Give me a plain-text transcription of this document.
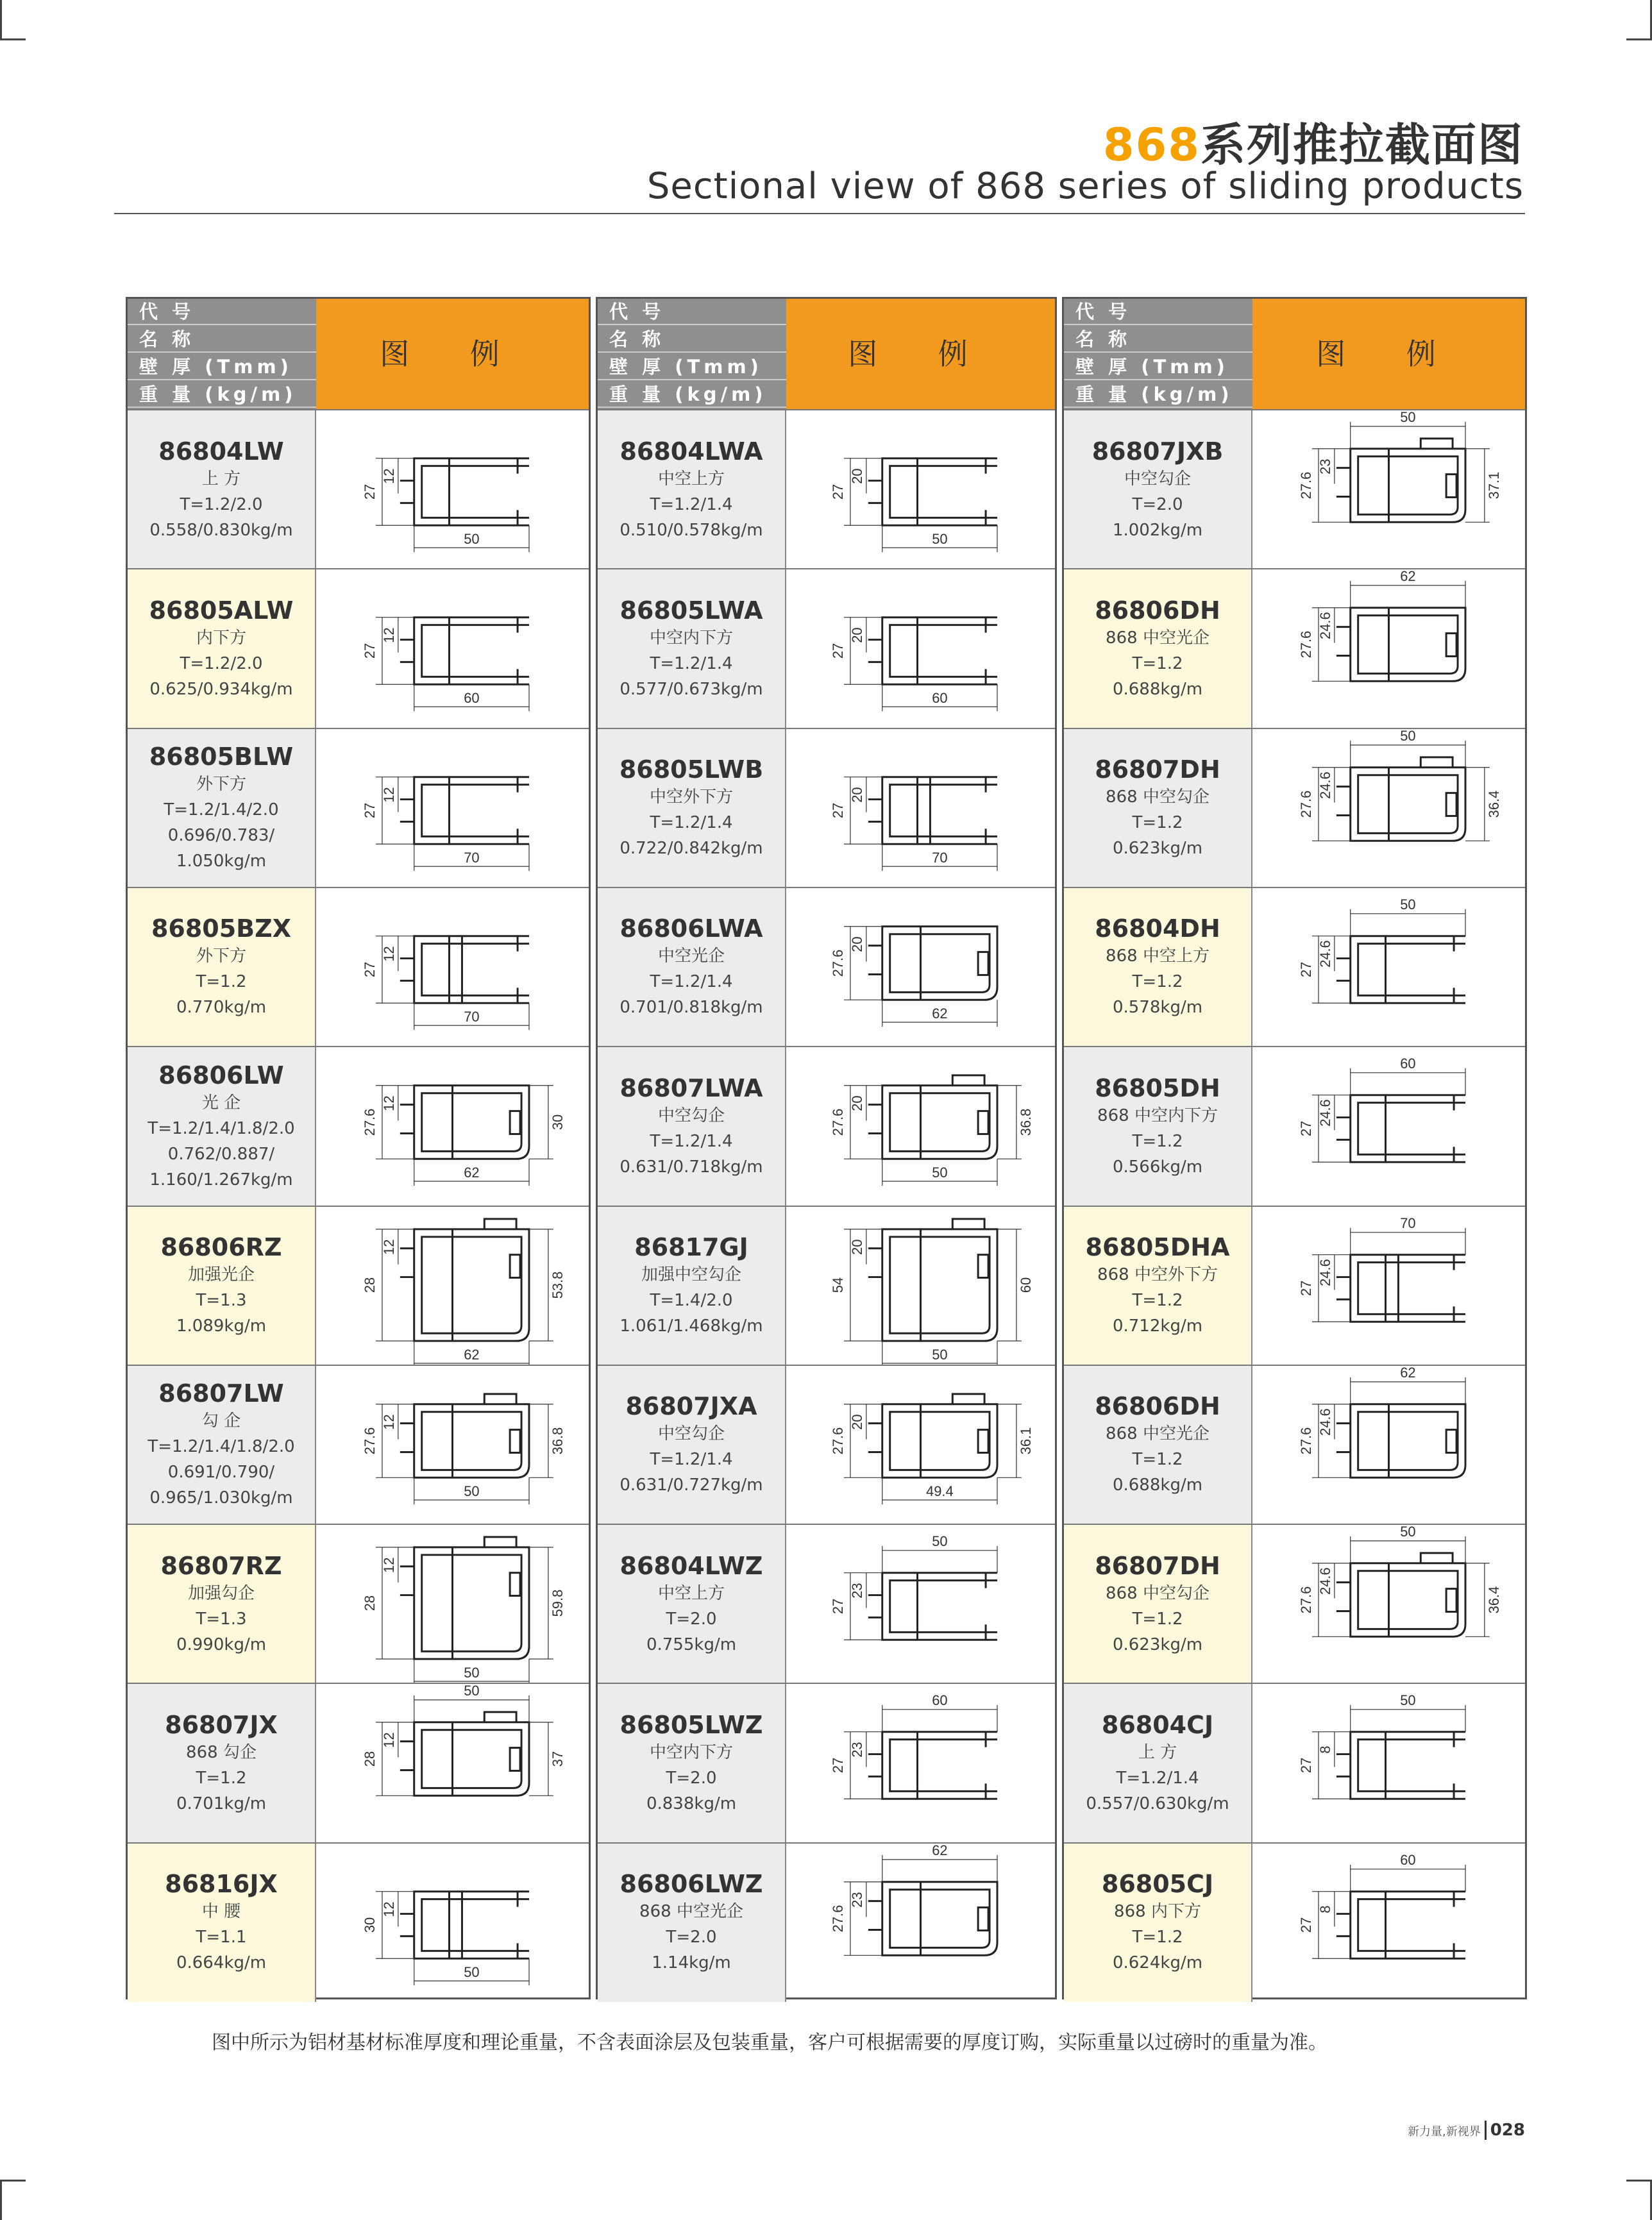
868系列推拉截面图
Sectional view of 868 series of sliding products
代 号
名 称
壁 厚 (Tmm)
重 量 (kg/m)
图 例
86804LW
上 方
T=1.2/2.0
0.558/0.830kg/m
27
12
50
86805ALW
内下方
T=1.2/2.0
0.625/0.934kg/m
27
12
60
86805BLW
外下方
T=1.2/1.4/2.0
0.696/0.783/
1.050kg/m
27
12
70
86805BZX
外下方
T=1.2
0.770kg/m
27
12
70
86806LW
光 企
T=1.2/1.4/1.8/2.0
0.762/0.887/
1.160/1.267kg/m
27.6
12
62
30
86806RZ
加强光企
T=1.3
1.089kg/m
28
12
62
53.8
86807LW
勾 企
T=1.2/1.4/1.8/2.0
0.691/0.790/
0.965/1.030kg/m
27.6
12
50
36.8
86807RZ
加强勾企
T=1.3
0.990kg/m
28
12
50
59.8
86807JX
868 勾企
T=1.2
0.701kg/m
28
12
50
37
86816JX
中 腰
T=1.1
0.664kg/m
30
12
50
代 号
名 称
壁 厚 (Tmm)
重 量 (kg/m)
图 例
86804LWA
中空上方
T=1.2/1.4
0.510/0.578kg/m
27
20
50
86805LWA
中空内下方
T=1.2/1.4
0.577/0.673kg/m
27
20
60
86805LWB
中空外下方
T=1.2/1.4
0.722/0.842kg/m
27
20
70
86806LWA
中空光企
T=1.2/1.4
0.701/0.818kg/m
27.6
20
62
86807LWA
中空勾企
T=1.2/1.4
0.631/0.718kg/m
27.6
20
50
36.8
86817GJ
加强中空勾企
T=1.4/2.0
1.061/1.468kg/m
54
20
50
60
86807JXA
中空勾企
T=1.2/1.4
0.631/0.727kg/m
27.6
20
49.4
36.1
86804LWZ
中空上方
T=2.0
0.755kg/m
27
23
50
86805LWZ
中空内下方
T=2.0
0.838kg/m
27
23
60
86806LWZ
868 中空光企
T=2.0
1.14kg/m
27.6
23
62
代 号
名 称
壁 厚 (Tmm)
重 量 (kg/m)
图 例
86807JXB
中空勾企
T=2.0
1.002kg/m
27.6
23
50
37.1
86806DH
868 中空光企
T=1.2
0.688kg/m
27.6
24.6
62
86807DH
868 中空勾企
T=1.2
0.623kg/m
27.6
24.6
50
36.4
86804DH
868 中空上方
T=1.2
0.578kg/m
27
24.6
50
86805DH
868 中空内下方
T=1.2
0.566kg/m
27
24.6
60
86805DHA
868 中空外下方
T=1.2
0.712kg/m
27
24.6
70
86806DH
868 中空光企
T=1.2
0.688kg/m
27.6
24.6
62
86807DH
868 中空勾企
T=1.2
0.623kg/m
27.6
24.6
50
36.4
86804CJ
上 方
T=1.2/1.4
0.557/0.630kg/m
27
8
50
86805CJ
868 内下方
T=1.2
0.624kg/m
27
8
60
图中所示为铝材基材标准厚度和理论重量，不含表面涂层及包装重量，客户可根据需要的厚度订购，实际重量以过磅时的重量为准。
新力量,新视界 028
